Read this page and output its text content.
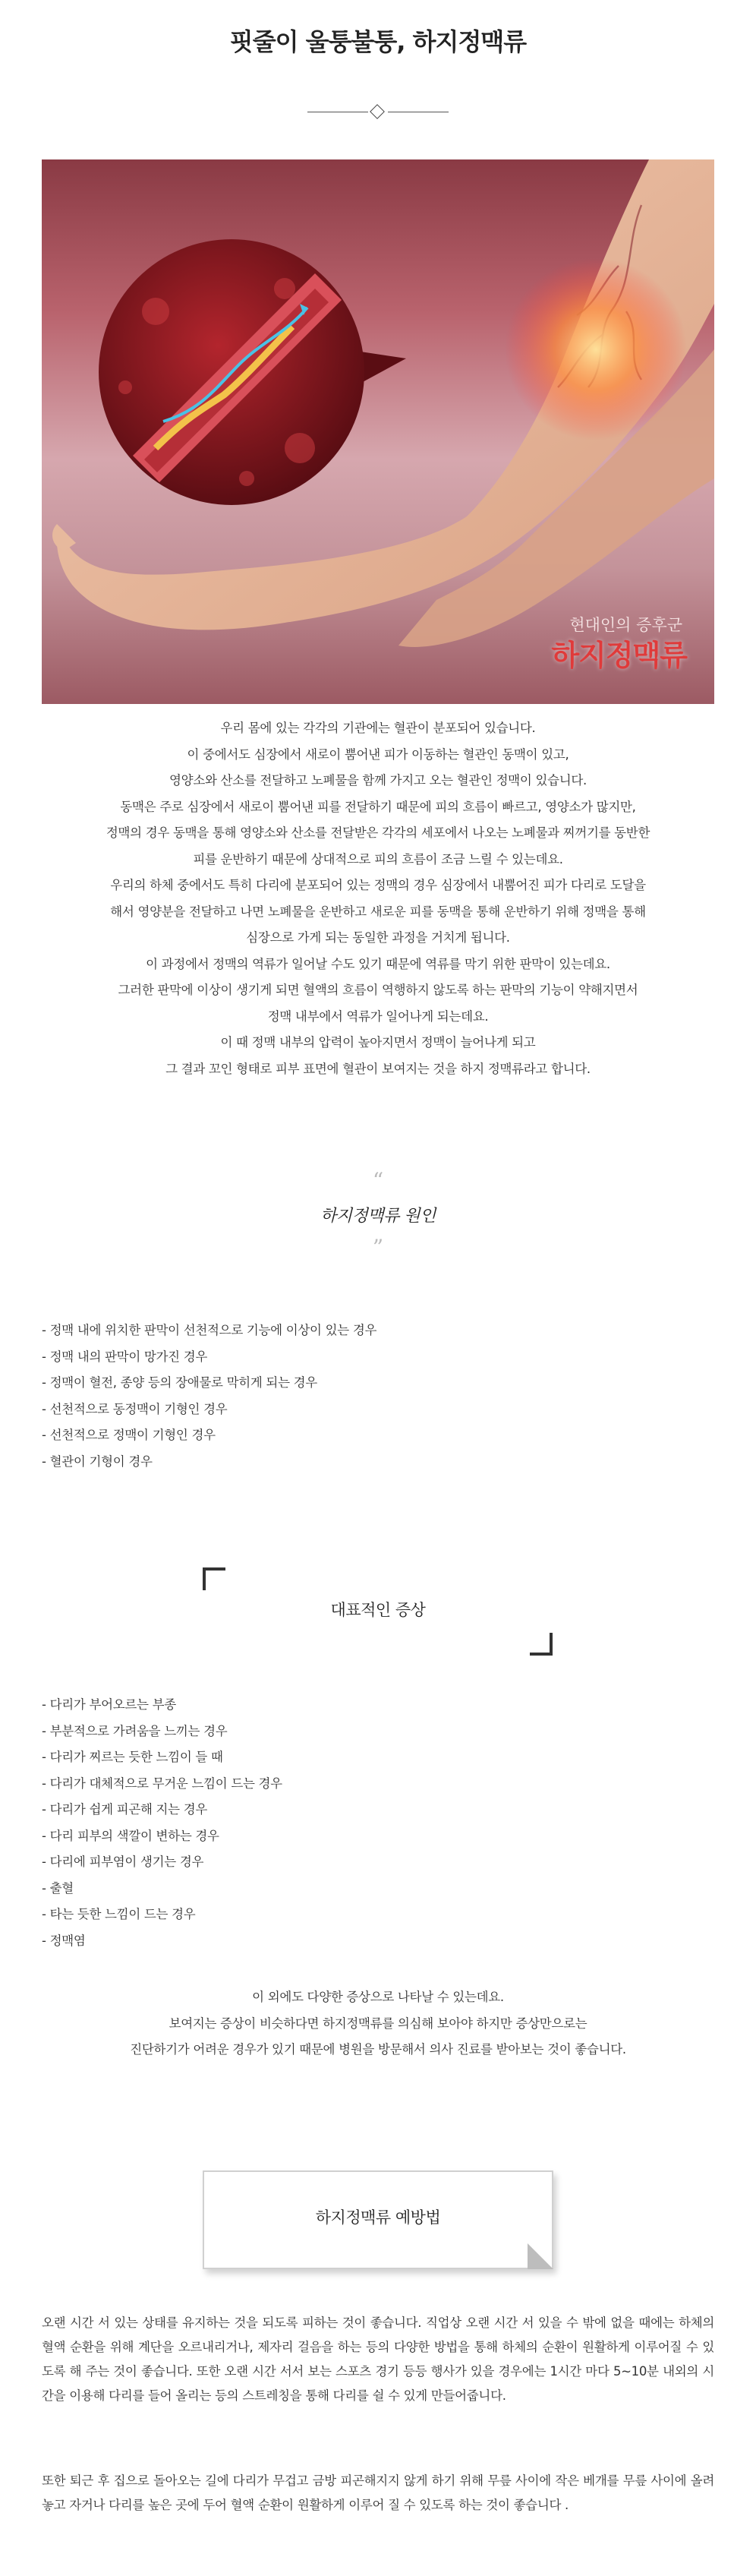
핏줄이 울퉁불퉁, 하지정맥류
현대인의 증후군
하지정맥류

우리 몸에 있는 각각의 기관에는 혈관이 분포되어 있습니다.

이 중에서도 심장에서 새로이 뿜어낸 피가 이동하는 혈관인 동맥이 있고,

영양소와 산소를 전달하고 노폐물을 함께 가지고 오는 혈관인 정맥이 있습니다.

동맥은 주로 심장에서 새로이 뿜어낸 피를 전달하기 때문에 피의 흐름이 빠르고, 영양소가 많지만,

정맥의 경우 동맥을 통해 영양소와 산소를 전달받은 각각의 세포에서 나오는 노폐물과 찌꺼기를 동반한

피를 운반하기 때문에 상대적으로 피의 흐름이 조금 느릴 수 있는데요.

우리의 하체 중에서도 특히 다리에 분포되어 있는 정맥의 경우 심장에서 내뿜어진 피가 다리로 도달을

해서 영양분을 전달하고 나면 노폐물을 운반하고 새로운 피를 동맥을 통해 운반하기 위해 정맥을 통해

심장으로 가게 되는 동일한 과정을 거치게 됩니다.

이 과정에서 정맥의 역류가 일어날 수도 있기 때문에 역류를 막기 위한 판막이 있는데요.

그러한 판막에 이상이 생기게 되면 혈액의 흐름이 역행하지 않도록 하는 판막의 기능이 약해지면서

정맥 내부에서 역류가 일어나게 되는데요.

이 때 정맥 내부의 압력이 높아지면서 정맥이 늘어나게 되고

그 결과 꼬인 형태로 피부 표면에 혈관이 보여지는 것을 하지 정맥류라고 합니다.

“
하지정맥류 원인
”
- 정맥 내에 위치한 판막이 선천적으로 기능에 이상이 있는 경우
- 정맥 내의 판막이 망가진 경우
- 정맥이 혈전, 종양 등의 장애물로 막히게 되는 경우
- 선천적으로 동정맥이 기형인 경우
- 선천적으로 정맥이 기형인 경우
- 혈관이 기형이 경우
대표적인 증상
- 다리가 부어오르는 부종
- 부분적으로 가려움을 느끼는 경우
- 다리가 찌르는 듯한 느낌이 들 때
- 다리가 대체적으로 무거운 느낌이 드는 경우
- 다리가 쉽게 피곤해 지는 경우
- 다리 피부의 색깔이 변하는 경우
- 다리에 피부염이 생기는 경우
- 출혈
- 타는 듯한 느낌이 드는 경우
- 정맥염

이 외에도 다양한 증상으로 나타날 수 있는데요.

보여지는 증상이 비슷하다면 하지정맥류를 의심해 보아야 하지만 증상만으로는

진단하기가 어려운 경우가 있기 때문에 병원을 방문해서 의사 진료를 받아보는 것이 좋습니다.

하지정맥류 예방법

오랜 시간 서 있는 상태를 유지하는 것을 되도록 피하는 것이 좋습니다. 직업상 오랜 시간 서 있을 수 밖에 없을 때에는 하체의 혈액 순환을 위해 계단을 오르내리거나, 제자리 걸음을 하는 등의 다양한 방법을 통해 하체의 순환이 원활하게 이루어질 수 있도록 해 주는 것이 좋습니다. 또한 오랜 시간 서서 보는 스포츠 경기 등등 행사가 있을 경우에는 1시간 마다 5~10분 내외의 시간을 이용해 다리를 들어 올리는 등의 스트레칭을 통해 다리를 쉴 수 있게 만들어줍니다.

또한 퇴근 후 집으로 돌아오는 길에 다리가 무겁고 금방 피곤해지지 않게 하기 위해 무릎 사이에 작은 베개를 무릎 사이에 올려놓고 자거나 다리를 높은 곳에 두어 혈액 순환이 원활하게 이루어 질 수 있도록 하는 것이 좋습니다 .
